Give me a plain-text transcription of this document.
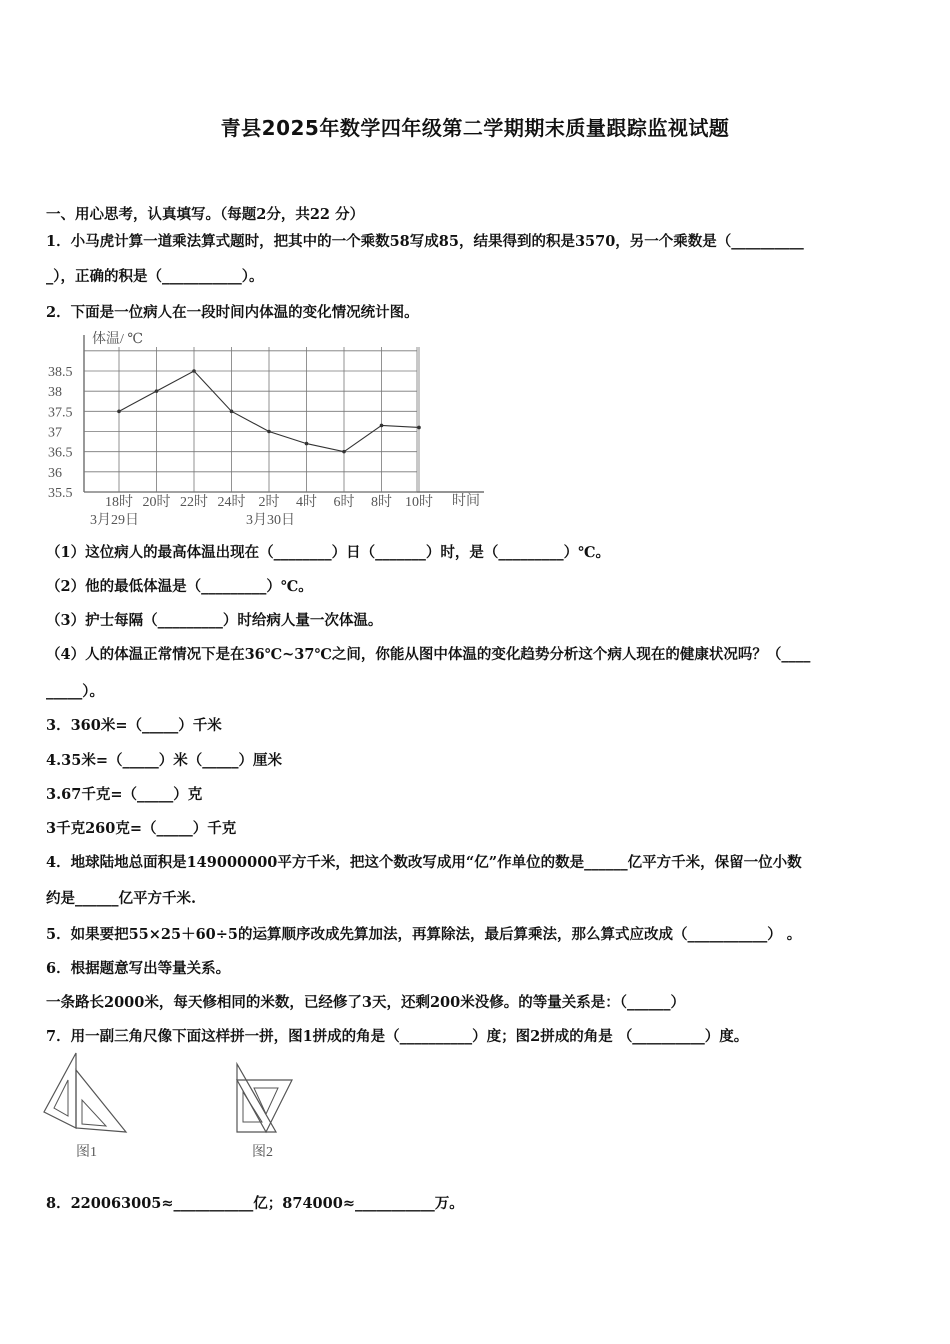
青县2025年数学四年级第二学期期末质量跟踪监视试题
一、用心思考，认真填写。（每题2分，共22 分）
1．小马虎计算一道乘法算式题时，把其中的一个乘数58写成85，结果得到的积是3570，另一个乘数是（__________
_），正确的积是（___________）。
2．下面是一位病人在一段时间内体温的变化情况统计图。
38.5
38
37.5
37
36.5
36
35.5
18时 20时 22时 24时 2时 4时 6时 8时 10时
体温/ ℃
时间
3月29日	3月30日
（1）这位病人的最高体温出现在（________）日（_______）时，是（_________）℃。
（2）他的最低体温是（_________）℃。
（3）护士每隔（_________）时给病人量一次体温。
（4）人的体温正常情况下是在36℃~37℃之间，你能从图中体温的变化趋势分析这个病人现在的健康状况吗？（____
_____）。
3．360米=（_____）千米
4.35米=（_____）米（_____）厘米
3.67千克=（_____）克
3千克260克=（_____）千克
4．地球陆地总面积是149000000平方千米，把这个数改写成用“亿”作单位的数是______亿平方千米，保留一位小数
约是______亿平方千米.
5．如果要把55×25＋60÷5的运算顺序改成先算加法，再算除法，最后算乘法，那么算式应改成（___________） 。
6．根据题意写出等量关系。
一条路长2000米，每天修相同的米数，已经修了3天，还剩200米没修。的等量关系是：（______）
7．用一副三角尺像下面这样拼一拼，图1拼成的角是（__________）度；图2拼成的角是 （__________）度。
图1	图2
8．220063005≈___________亿；874000≈___________万。
